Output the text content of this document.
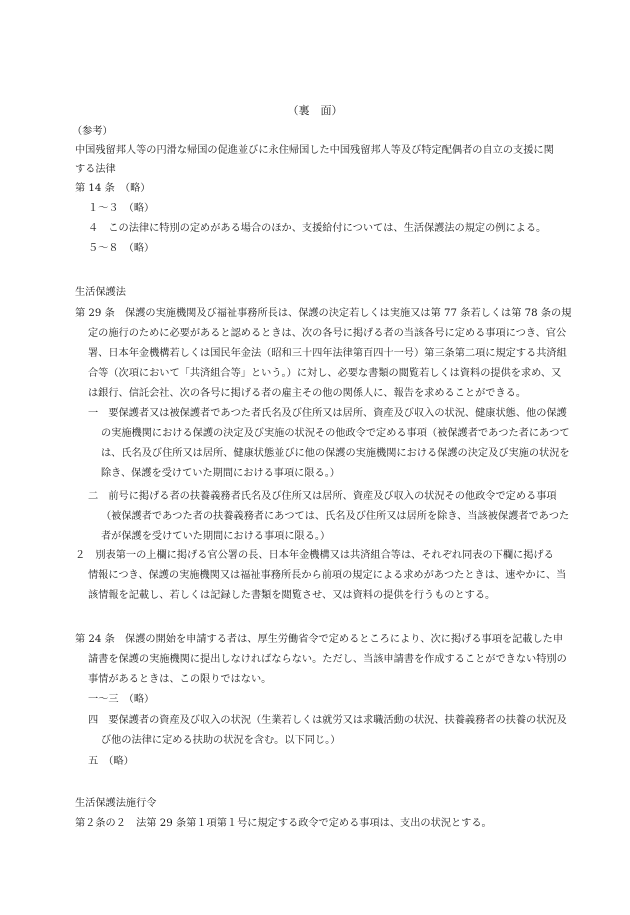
（裏　面）

（参考）

中国残留邦人等の円滑な帰国の促進並びに永住帰国した中国残留邦人等及び特定配偶者の自立の支援に関

する法律

第 14 条　（略）

１～３　（略）

４　この法律に特別の定めがある場合のほか、支援給付については、生活保護法の規定の例による。

５～８　（略）

生活保護法

第 29 条　保護の実施機関及び福祉事務所長は、保護の決定若しくは実施又は第 77 条若しくは第 78 条の規

定の施行のために必要があると認めるときは、次の各号に掲げる者の当該各号に定める事項につき、官公

署、日本年金機構若しくは国民年金法（昭和三十四年法律第百四十一号）第三条第二項に規定する共済組

合等（次項において「共済組合等」という。）に対し、必要な書類の閲覧若しくは資料の提供を求め、又

は銀行、信託会社、次の各号に掲げる者の雇主その他の関係人に、報告を求めることができる。

一　要保護者又は被保護者であつた者氏名及び住所又は居所、資産及び収入の状況、健康状態、他の保護

の実施機関における保護の決定及び実施の状況その他政令で定める事項（被保護者であつた者にあつて

は、氏名及び住所又は居所、健康状態並びに他の保護の実施機関における保護の決定及び実施の状況を

除き、保護を受けていた期間における事項に限る。）

二　前号に掲げる者の扶養義務者氏名及び住所又は居所、資産及び収入の状況その他政令で定める事項

（被保護者であつた者の扶養義務者にあつては、氏名及び住所又は居所を除き、当該被保護者であつた

者が保護を受けていた期間における事項に限る。）

２　別表第一の上欄に掲げる官公署の長、日本年金機構又は共済組合等は、それぞれ同表の下欄に掲げる

情報につき、保護の実施機関又は福祉事務所長から前項の規定による求めがあつたときは、速やかに、当

該情報を記載し、若しくは記録した書類を閲覧させ、又は資料の提供を行うものとする。

第 24 条　保護の開始を申請する者は、厚生労働省令で定めるところにより、次に掲げる事項を記載した申

請書を保護の実施機関に提出しなければならない。ただし、当該申請書を作成することができない特別の

事情があるときは、この限りではない。

一～三　（略）

四　要保護者の資産及び収入の状況（生業若しくは就労又は求職活動の状況、扶養義務者の扶養の状況及

び他の法律に定める扶助の状況を含む。以下同じ。）

五　（略）

生活保護法施行令

第２条の２　法第 29 条第１項第１号に規定する政令で定める事項は、支出の状況とする。
